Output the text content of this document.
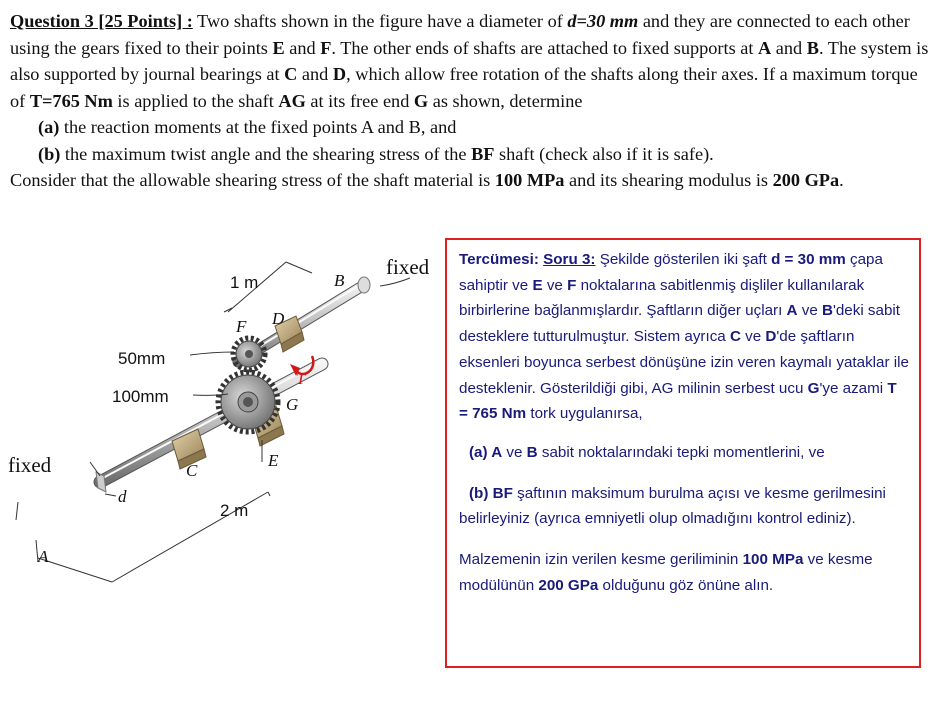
Question 3 [25 Points] : Two shafts shown in the figure have a diameter of d=30 mm and they are connected to each other using the gears fixed to their points E and F. The other ends of shafts are attached to fixed supports at A and B. The system is also supported by journal bearings at C and D, which allow free rotation of the shafts along their axes. If a maximum torque of T=765 Nm is applied to the shaft AG at its free end G as shown, determine

(a) the reaction moments at the fixed points A and B, and

(b) the maximum twist angle and the shearing stress of the BF shaft (check also if it is safe).

Consider that the allowable shearing stress of the shaft material is 100 MPa and its shearing modulus is 200 GPa.

fixed
fixed
1 m
2 m
50mm
100mm
B
F D
T
G
E
C
d
A

Tercümesi: Soru 3: Şekilde gösterilen iki şaft d = 30 mm çapa sahiptir ve E ve F noktalarına sabitlenmiş dişliler kullanılarak birbirlerine bağlanmışlardır. Şaftların diğer uçları A ve B'deki sabit desteklere tutturulmuştur. Sistem ayrıca C ve D'de şaftların eksenleri boyunca serbest dönüşüne izin veren kaymalı yataklar ile desteklenir. Gösterildiği gibi, AG milinin serbest ucu G'ye azami T = 765 Nm tork uygulanırsa,

(a) A ve B sabit noktalarındaki tepki momentlerini, ve

(b) BF şaftının maksimum burulma açısı ve kesme gerilmesini belirleyiniz (ayrıca emniyetli olup olmadığını kontrol ediniz).

Malzemenin izin verilen kesme geriliminin 100 MPa ve kesme modülünün 200 GPa olduğunu göz önüne alın.
